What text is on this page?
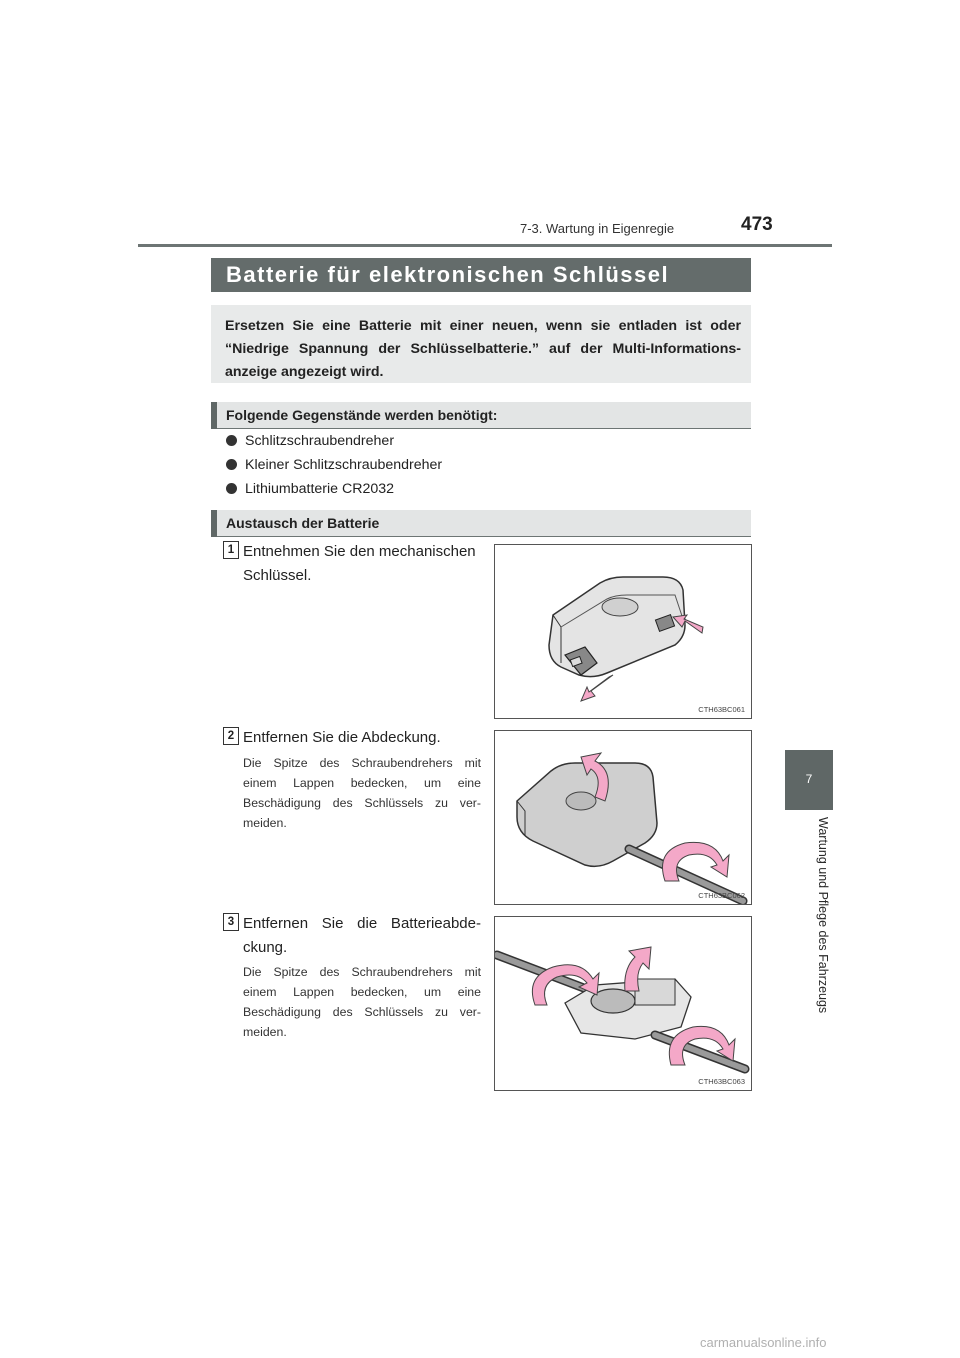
7-3. Wartung in Eigenregie	473
7
Wartung und Pflege des Fahrzeugs
Batterie für elektronischen Schlüssel
Ersetzen Sie eine Batterie mit einer neuen, wenn sie entladen ist oder “Niedrige Spannung der Schlüsselbatterie.” auf der Multi-Informations-anzeige angezeigt wird.
Folgende Gegenstände werden benötigt:
Schlitzschraubendreher
Kleiner Schlitzschraubendreher
Lithiumbatterie CR2032
Austausch der Batterie
1 Entnehmen Sie den mechanischen Schlüssel.
CTH63BC061
2 Entfernen Sie die Abdeckung.
Die Spitze des Schraubendrehers mit einem Lappen bedecken, um eine Beschädigung des Schlüssels zu ver-meiden.
CTH63BC062
3 Entfernen Sie die Batterieabde-ckung.
Die Spitze des Schraubendrehers mit einem Lappen bedecken, um eine Beschädigung des Schlüssels zu ver-meiden.
CTH63BC063
carmanualsonline.info
